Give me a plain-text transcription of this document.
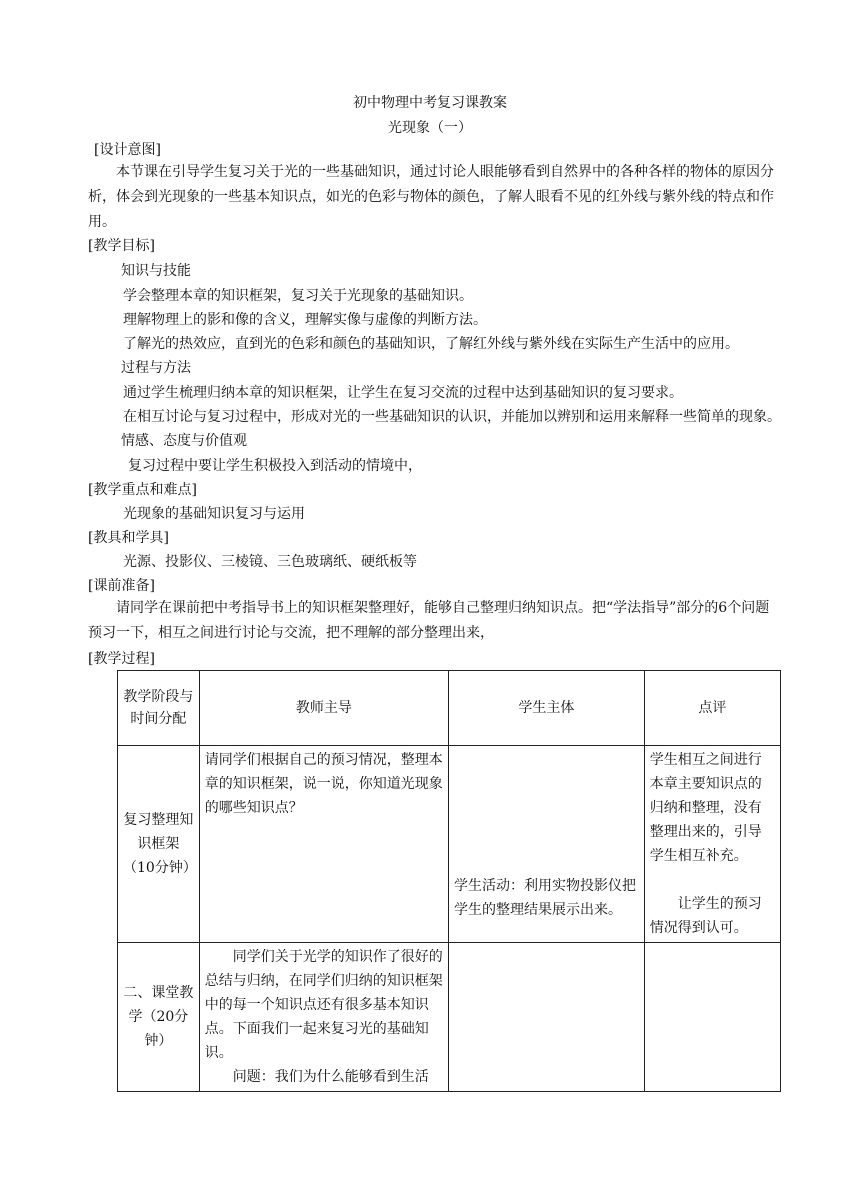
初中物理中考复习课教案
光现象（一）
[设计意图]
本节课在引导学生复习关于光的一些基础知识，通过讨论人眼能够看到自然界中的各种各样的物体的原因分析，体会到光现象的一些基本知识点，如光的色彩与物体的颜色，了解人眼看不见的红外线与紫外线的特点和作用。
[教学目标]
知识与技能
学会整理本章的知识框架，复习关于光现象的基础知识。
理解物理上的影和像的含义，理解实像与虚像的判断方法。
了解光的热效应，直到光的色彩和颜色的基础知识，了解红外线与紫外线在实际生产生活中的应用。
过程与方法
通过学生梳理归纳本章的知识框架，让学生在复习交流的过程中达到基础知识的复习要求。
在相互讨论与复习过程中，形成对光的一些基础知识的认识，并能加以辨别和运用来解释一些简单的现象。
情感、态度与价值观
复习过程中要让学生积极投入到活动的情境中，
[教学重点和难点]
光现象的基础知识复习与运用
[教具和学具]
光源、投影仪、三棱镜、三色玻璃纸、硬纸板等
[课前准备]
请同学在课前把中考指导书上的知识框架整理好，能够自己整理归纳知识点。把“学法指导”部分的6个问题预习一下，相互之间进行讨论与交流，把不理解的部分整理出来，
[教学过程]
教学阶段与时间分配	教师主导	学生主体	点评
复习整理知识框架（10分钟）	请同学们根据自己的预习情况，整理本章的知识框架，说一说，你知道光现象的哪些知识点？	学生活动：利用实物投影仪把学生的整理结果展示出来。	学生相互之间进行本章主要知识点的归纳和整理，没有整理出来的，引导学生相互补充。

让学生的预习情况得到认可。

二、课堂教学（20分钟）	同学们关于光学的知识作了很好的总结与归纳，在同学们归纳的知识框架中的每一个知识点还有很多基本知识点。下面我们一起来复习光的基础知识。
问题：我们为什么能够看到生活		
